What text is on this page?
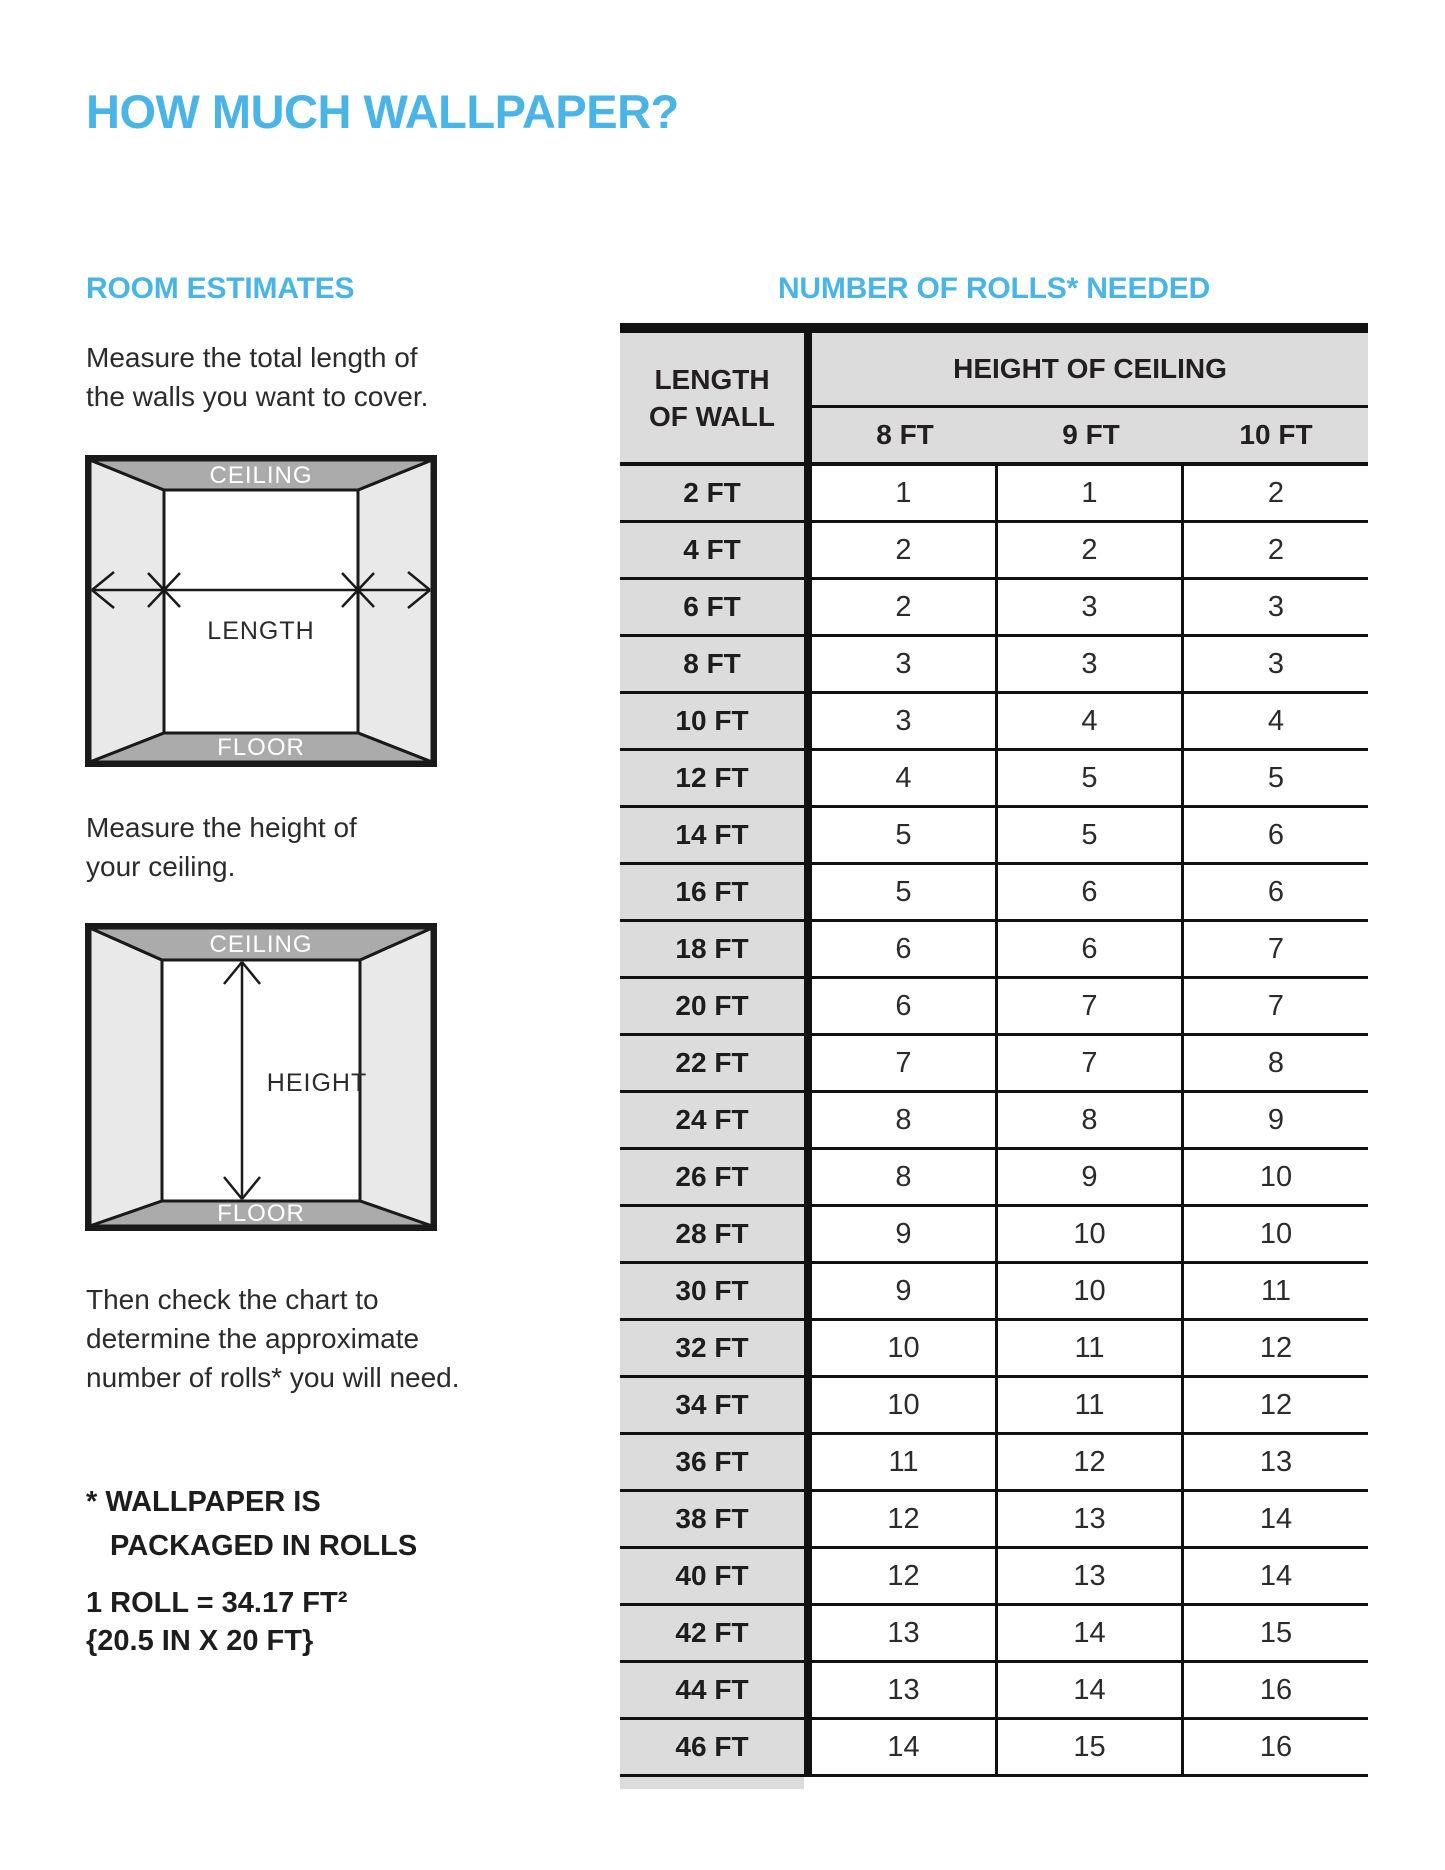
HOW MUCH WALLPAPER?
ROOM ESTIMATES	NUMBER OF ROLLS* NEEDED
Measure the total length of
the walls you want to cover.
CEILING
LENGTH
FLOOR
Measure the height of
your ceiling.
CEILING
HEIGHT
FLOOR
Then check the chart to
determine the approximate
number of rolls* you will need.
* WALLPAPER IS
PACKAGED IN ROLLS
1 ROLL = 34.17 FT²
{20.5 IN X 20 FT}
LENGTH
OF WALL
HEIGHT OF CEILING
8 FT	9 FT	10 FT
2 FT	1	1	2
4 FT	2	2	2
6 FT	2	3	3
8 FT	3	3	3
10 FT	3	4	4
12 FT	4	5	5
14 FT	5	5	6
16 FT	5	6	6
18 FT	6	6	7
20 FT	6	7	7
22 FT	7	7	8
24 FT	8	8	9
26 FT	8	9	10
28 FT	9	10	10
30 FT	9	10	11
32 FT	10	11	12
34 FT	10	11	12
36 FT	11	12	13
38 FT	12	13	14
40 FT	12	13	14
42 FT	13	14	15
44 FT	13	14	16
46 FT	14	15	16
